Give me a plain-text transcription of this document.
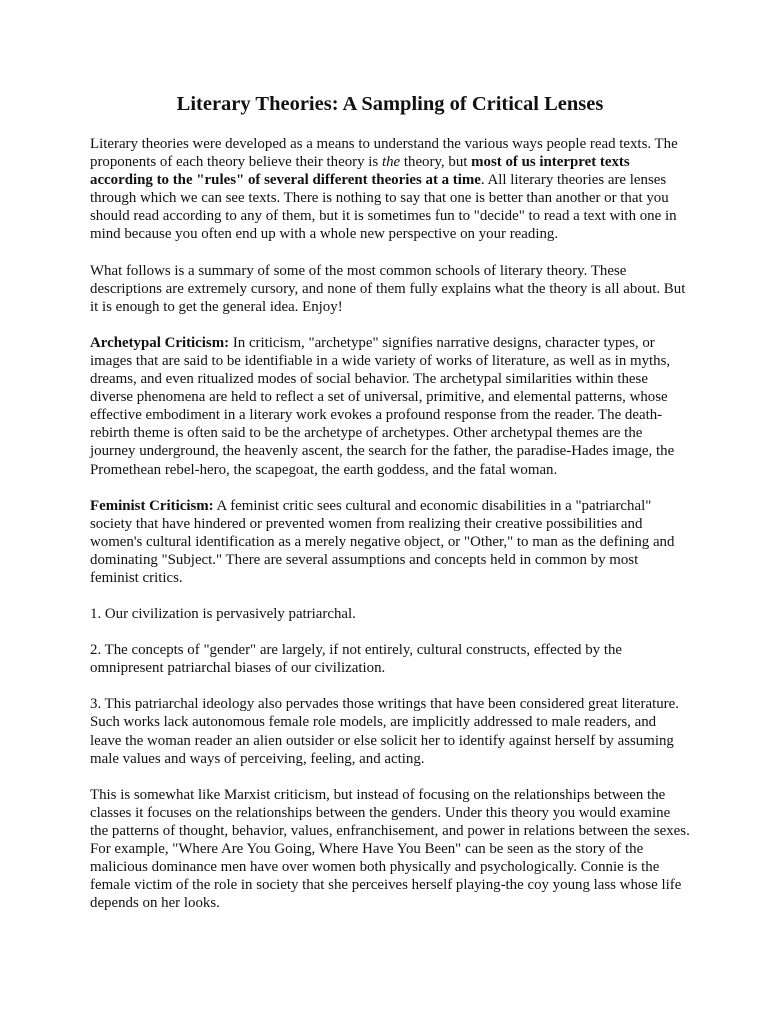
Literary Theories: A Sampling of Critical Lenses

Literary theories were developed as a means to understand the various ways people read texts. The proponents of each theory believe their theory is the theory, but most of us interpret texts according to the "rules" of several different theories at a time. All literary theories are lenses through which we can see texts. There is nothing to say that one is better than another or that you should read according to any of them, but it is sometimes fun to "decide" to read a text with one in mind because you often end up with a whole new perspective on your reading.

What follows is a summary of some of the most common schools of literary theory. These descriptions are extremely cursory, and none of them fully explains what the theory is all about. But it is enough to get the general idea. Enjoy!

Archetypal Criticism: In criticism, "archetype" signifies narrative designs, character types, or images that are said to be identifiable in a wide variety of works of literature, as well as in myths, dreams, and even ritualized modes of social behavior. The archetypal similarities within these diverse phenomena are held to reflect a set of universal, primitive, and elemental patterns, whose effective embodiment in a literary work evokes a profound response from the reader. The death-rebirth theme is often said to be the archetype of archetypes. Other archetypal themes are the journey underground, the heavenly ascent, the search for the father, the paradise-Hades image, the Promethean rebel-hero, the scapegoat, the earth goddess, and the fatal woman.

Feminist Criticism: A feminist critic sees cultural and economic disabilities in a "patriarchal" society that have hindered or prevented women from realizing their creative possibilities and women's cultural identification as a merely negative object, or "Other," to man as the defining and dominating "Subject." There are several assumptions and concepts held in common by most feminist critics.

1. Our civilization is pervasively patriarchal.

2. The concepts of "gender" are largely, if not entirely, cultural constructs, effected by the omnipresent patriarchal biases of our civilization.

3. This patriarchal ideology also pervades those writings that have been considered great literature. Such works lack autonomous female role models, are implicitly addressed to male readers, and leave the woman reader an alien outsider or else solicit her to identify against herself by assuming male values and ways of perceiving, feeling, and acting.

This is somewhat like Marxist criticism, but instead of focusing on the relationships between the classes it focuses on the relationships between the genders. Under this theory you would examine the patterns of thought, behavior, values, enfranchisement, and power in relations between the sexes. For example, "Where Are You Going, Where Have You Been" can be seen as the story of the malicious dominance men have over women both physically and psychologically. Connie is the female victim of the role in society that she perceives herself playing-the coy young lass whose life depends on her looks.
